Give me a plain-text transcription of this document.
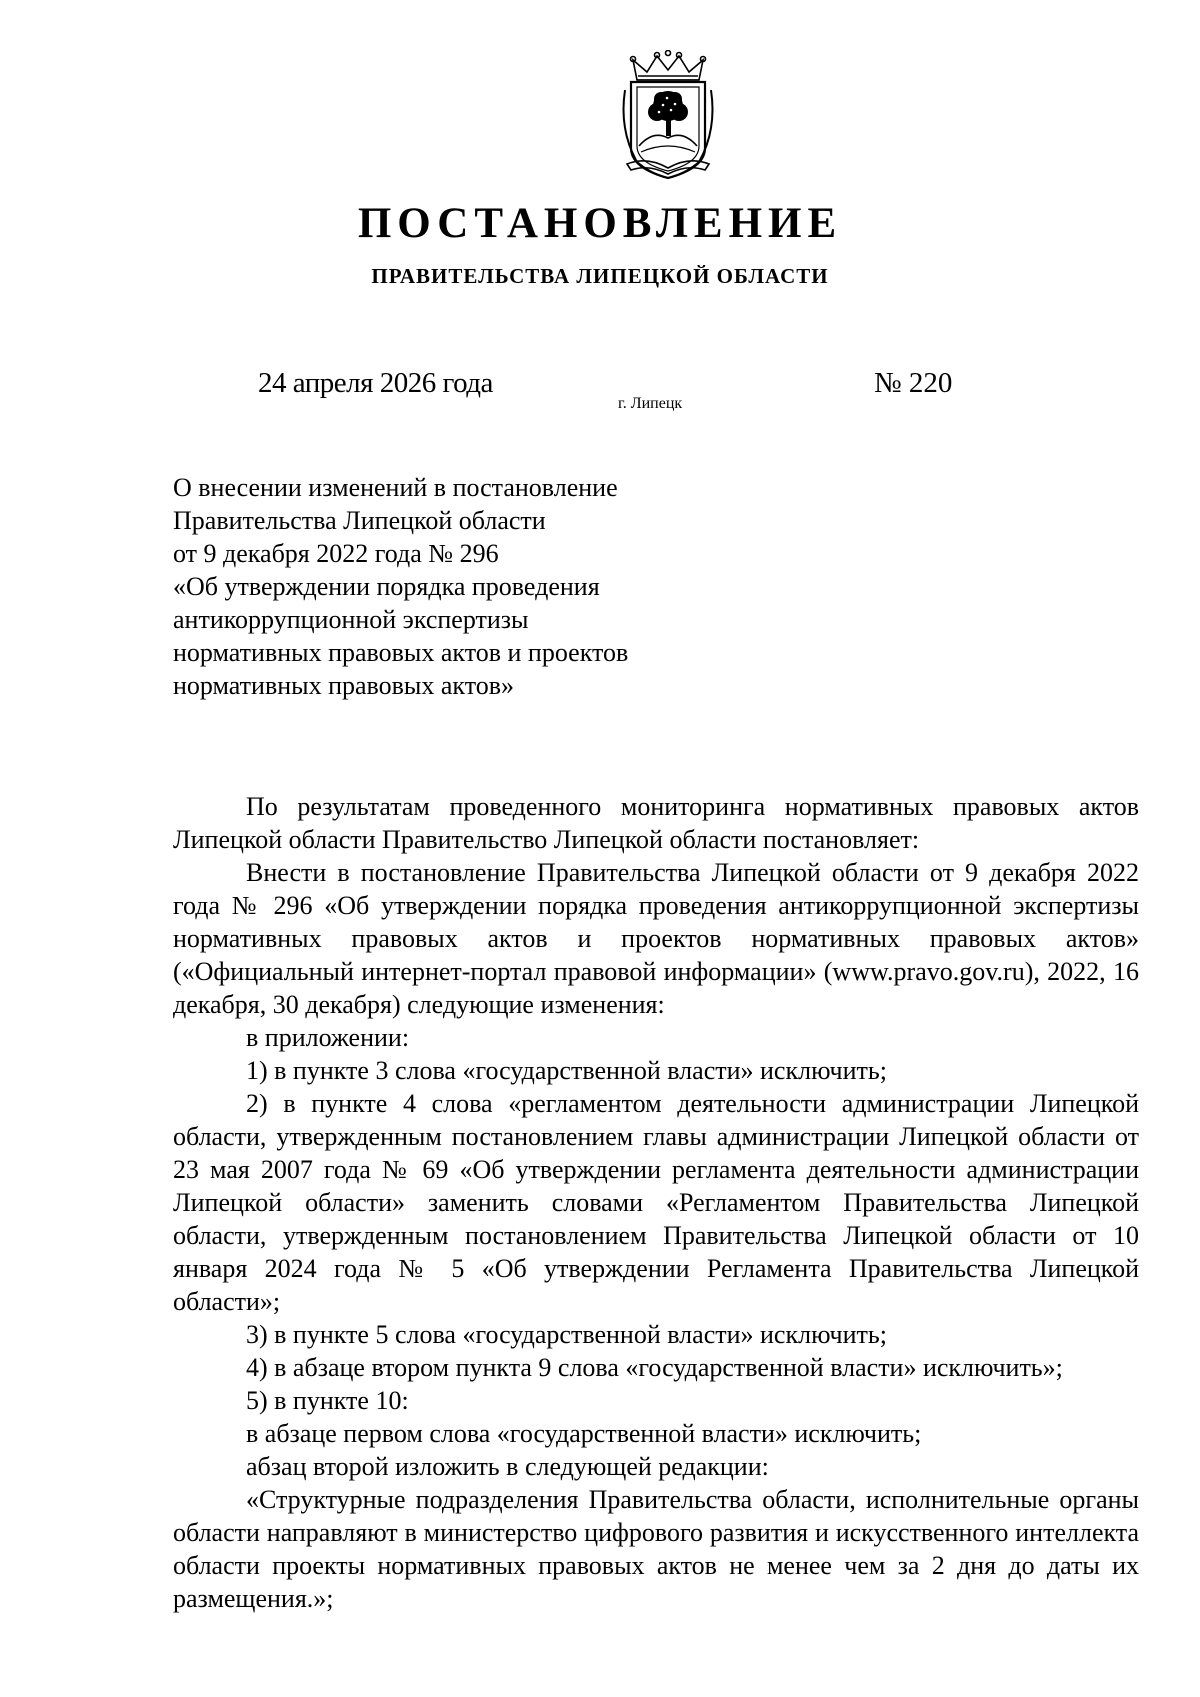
ПОСТАНОВЛЕНИЕ
ПРАВИТЕЛЬСТВА ЛИПЕЦКОЙ ОБЛАСТИ
24 апреля 2026 года
г. Липецк
№ 220
О внесении изменений в постановление
Правительства Липецкой области
от 9 декабря 2022 года № 296
«Об утверждении порядка проведения
антикоррупционной экспертизы
нормативных правовых актов и проектов
нормативных правовых актов»

По результатам проведенного мониторинга нормативных правовых актов Липецкой области Правительство Липецкой области постановляет:

Внести в постановление Правительства Липецкой области от 9 декабря 2022 года № 296 «Об утверждении порядка проведения антикоррупционной экспертизы нормативных правовых актов и проектов нормативных правовых актов» («Официальный интернет-портал правовой информации» (www.pravo.gov.ru), 2022, 16 декабря, 30 декабря) следующие изменения:

в приложении:

1) в пункте 3 слова «государственной власти» исключить;

2) в пункте 4 слова «регламентом деятельности администрации Липецкой области, утвержденным постановлением главы администрации Липецкой области от 23 мая 2007 года № 69 «Об утверждении регламента деятельности администрации Липецкой области» заменить словами «Регламентом Правительства Липецкой области, утвержденным постановлением Правительства Липецкой области от 10 января 2024 года № 5 «Об утверждении Регламента Правительства Липецкой области»;

3) в пункте 5 слова «государственной власти» исключить;

4) в абзаце втором пункта 9 слова «государственной власти» исключить»;

5) в пункте 10:

в абзаце первом слова «государственной власти» исключить;

абзац второй изложить в следующей редакции:

«Структурные подразделения Правительства области, исполнительные органы области направляют в министерство цифрового развития и искусственного интеллекта области проекты нормативных правовых актов не менее чем за 2 дня до даты их размещения.»;
